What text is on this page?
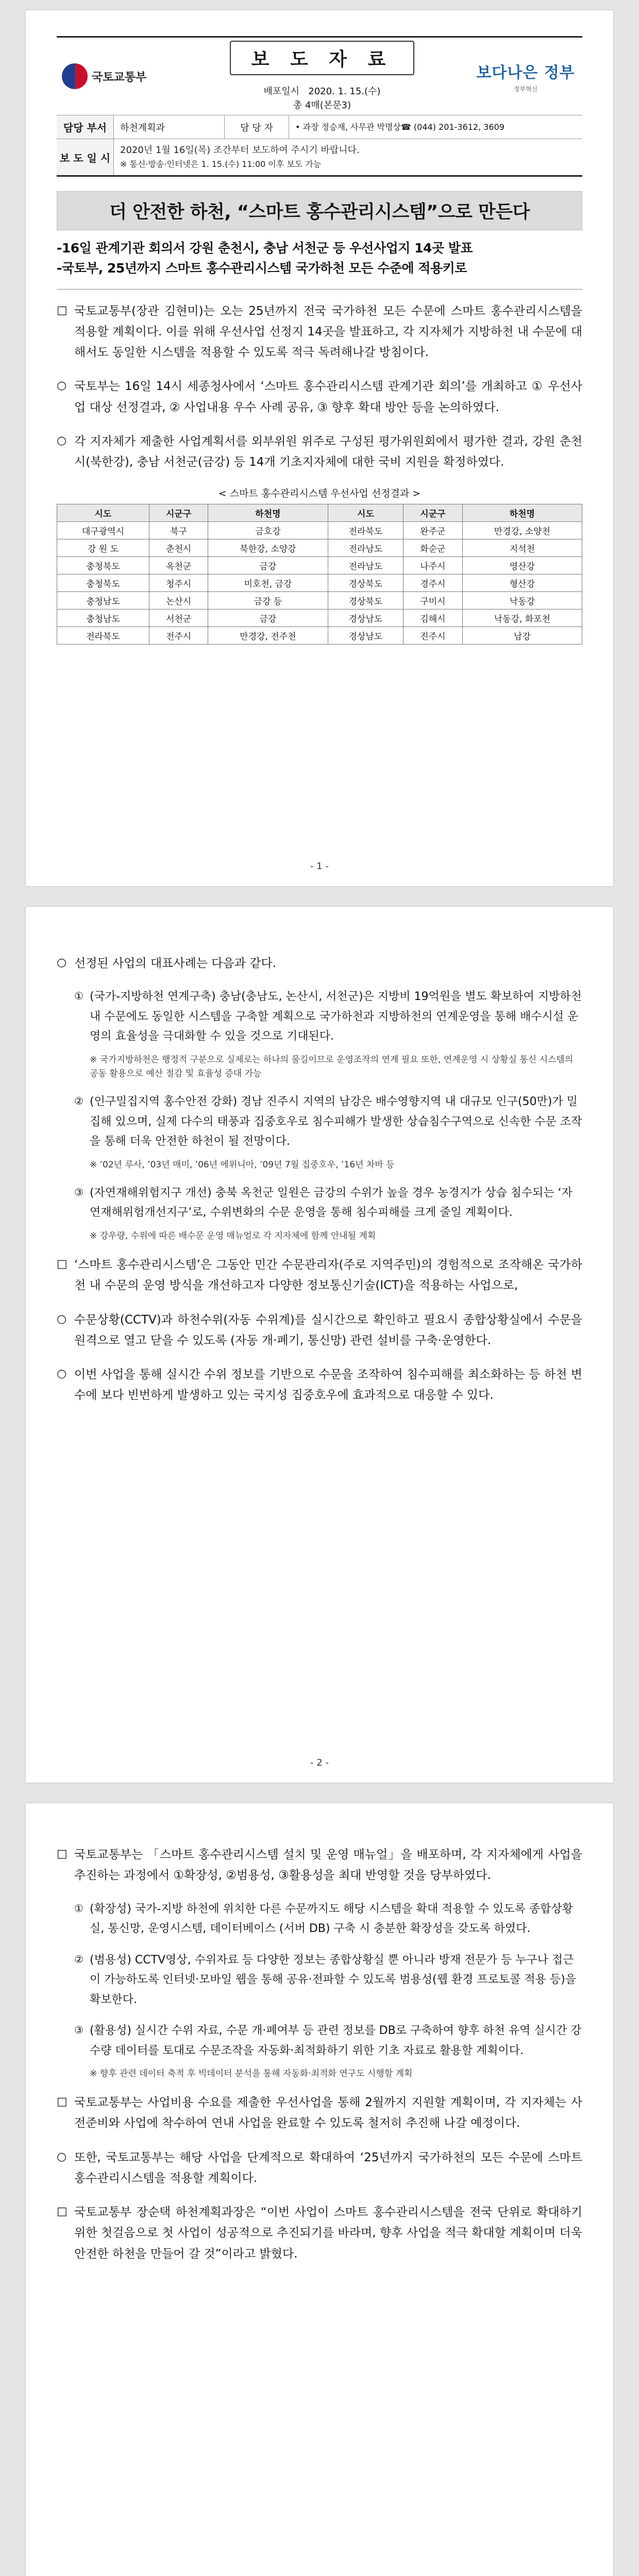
국토교통부
보 도 자 료
배포일시 2020. 1. 15.(수)
총 4매(본문3)
보다나은 정부
정부혁신
담당 부서	하천계획과	담 당 자	• 과장 정승재, 사무관 박명상 ☎ (044) 201-3612, 3609
보 도 일 시
2020년 1월 16일(목) 조간부터 보도하여 주시기 바랍니다.
※ 통신·방송·인터넷은 1. 15.(수) 11:00 이후 보도 가능
더 안전한 하천, “스마트 홍수관리시스템”으로 만든다
-16일 관계기관 회의서 강원 춘천시, 충남 서천군 등 우선사업지 14곳 발표
-국토부, 25년까지 스마트 홍수관리시스템 국가하천 모든 수준에 적용키로
□ 국토교통부(장관 김현미)는 오는 25년까지 전국 국가하천 모든 수문에 스마트 홍수관리시스템을 적용할 계획이다. 이를 위해 우선사업 선정지 14곳을 발표하고, 각 지자체가 지방하천 내 수문에 대해서도 동일한 시스템을 적용할 수 있도록 적극 독려해나갈 방침이다.
○ 국토부는 16일 14시 세종청사에서 ‘스마트 홍수관리시스템 관계기관 회의’를 개최하고 ① 우선사업 대상 선정결과, ② 사업내용 우수 사례 공유, ③ 향후 확대 방안 등을 논의하였다.
○ 각 지자체가 제출한 사업계획서를 외부위원 위주로 구성된 평가위원회에서 평가한 결과, 강원 춘천시(북한강), 충남 서천군(금강) 등 14개 기초지자체에 대한 국비 지원을 확정하였다.
< 스마트 홍수관리시스템 우선사업 선정결과 >
시도	시군구	하천명	시도	시군구	하천명
대구광역시	북구	금호강	전라북도	완주군	만경강, 소양천
강 원 도	춘천시	북한강, 소양강	전라남도	화순군	지석천
충청북도	옥천군	금강	전라남도	나주시	영산강
충청북도	청주시	미호천, 금강	경상북도	경주시	형산강
충청남도	논산시	금강 등	경상북도	구미시	낙동강
충청남도	서천군	금강	경상남도	김해시	낙동강, 화포천
전라북도	전주시	만경강, 전주천	경상남도	진주시	남강
- 1 -
○ 선정된 사업의 대표사례는 다음과 같다.
① (국가-지방하천 연계구축) 충남(충남도, 논산시, 서천군)은 지방비 19억원을 별도 확보하여 지방하천 내 수문에도 동일한 시스템을 구축할 계획으로 국가하천과 지방하천의 연계운영을 통해 배수시설 운영의 효율성을 극대화할 수 있을 것으로 기대된다.
※ 국가지방하천은 행정적 구분으로 실제로는 하나의 물길이므로 운영조작의 연계 필요 또한, 연계운영 시 상황실 통신 시스템의 공동 활용으로 예산 절감 및 효율성 증대 가능
② (인구밀집지역 홍수안전 강화) 경남 진주시 지역의 남강은 배수영향지역 내 대규모 인구(50만)가 밀집해 있으며, 실제 다수의 태풍과 집중호우로 침수피해가 발생한 상습침수구역으로 신속한 수문 조작을 통해 더욱 안전한 하천이 될 전망이다.
※ ’02년 루사, ’03년 매미, ’06년 에위니아, ’09년 7월 집중호우, ’16년 차바 등
③ (자연재해위험지구 개선) 충북 옥천군 일원은 금강의 수위가 높을 경우 농경지가 상습 침수되는 ‘자연재해위험개선지구’로, 수위변화의 수문 운영을 통해 침수피해를 크게 줄일 계획이다.
※ 강우량, 수위에 따른 배수문 운영 매뉴얼로 각 지자체에 함께 안내될 계획
□ ‘스마트 홍수관리시스템’은 그동안 민간 수문관리자(주로 지역주민)의 경험적으로 조작해온 국가하천 내 수문의 운영 방식을 개선하고자 다양한 정보통신기술(ICT)을 적용하는 사업으로,
○ 수문상황(CCTV)과 하천수위(자동 수위계)를 실시간으로 확인하고 필요시 종합상황실에서 수문을 원격으로 열고 닫을 수 있도록 (자동 개·폐기, 통신망) 관련 설비를 구축·운영한다.
○ 이번 사업을 통해 실시간 수위 정보를 기반으로 수문을 조작하여 침수피해를 최소화하는 등 하천 변수에 보다 빈번하게 발생하고 있는 국지성 집중호우에 효과적으로 대응할 수 있다.
- 2 -
□ 국토교통부는 「스마트 홍수관리시스템 설치 및 운영 매뉴얼」을 배포하며, 각 지자체에게 사업을 추진하는 과정에서 ①확장성, ②범용성, ③활용성을 최대 반영할 것을 당부하였다.
① (확장성) 국가-지방 하천에 위치한 다른 수문까지도 해당 시스템을 확대 적용할 수 있도록 종합상황실, 통신망, 운영시스템, 데이터베이스 (서버 DB) 구축 시 충분한 확장성을 갖도록 하였다.
② (범용성) CCTV영상, 수위자료 등 다양한 정보는 종합상황실 뿐 아니라 방재 전문가 등 누구나 접근이 가능하도록 인터넷·모바일 웹을 통해 공유·전파할 수 있도록 범용성(웹 환경 프로토콜 적용 등)을 확보한다.
③ (활용성) 실시간 수위 자료, 수문 개·폐여부 등 관련 정보를 DB로 구축하여 향후 하천 유역 실시간 강수량 데이터를 토대로 수문조작을 자동화·최적화하기 위한 기초 자료로 활용할 계획이다.
※ 향후 관련 데이터 축적 후 빅데이터 분석을 통해 자동화·최적화 연구도 시행할 계획
□ 국토교통부는 사업비용 수요를 제출한 우선사업을 통해 2월까지 지원할 계획이며, 각 지자체는 사전준비와 사업에 착수하여 연내 사업을 완료할 수 있도록 철저히 추진해 나갈 예정이다.
○ 또한, 국토교통부는 해당 사업을 단계적으로 확대하여 ‘25년까지 국가하천의 모든 수문에 스마트 홍수관리시스템을 적용할 계획이다.
□ 국토교통부 장순택 하천계획과장은 “이번 사업이 스마트 홍수관리시스템을 전국 단위로 확대하기 위한 첫걸음으로 첫 사업이 성공적으로 추진되기를 바라며, 향후 사업을 적극 확대할 계획이며 더욱 안전한 하천을 만들어 갈 것”이라고 밝혔다.
